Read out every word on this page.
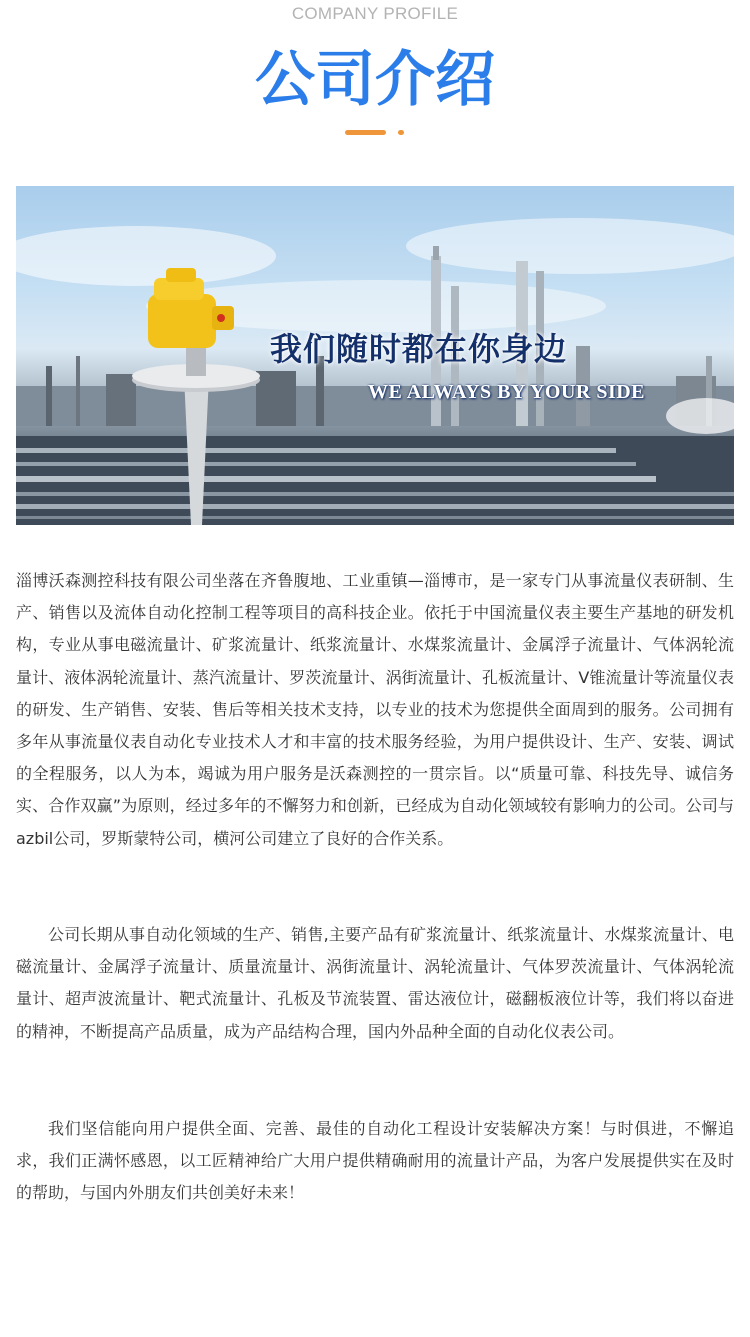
COMPANY PROFILE
公司介绍
我们随时都在你身边
WE ALWAYS BY YOUR SIDE

淄博沃森测控科技有限公司坐落在齐鲁腹地、工业重镇—淄博市，是一家专门从事流量仪表研制、生产、销售以及流体自动化控制工程等项目的高科技企业。依托于中国流量仪表主要生产基地的研发机构，专业从事电磁流量计、矿浆流量计、纸浆流量计、水煤浆流量计、金属浮子流量计、气体涡轮流量计、液体涡轮流量计、蒸汽流量计、罗茨流量计、涡街流量计、孔板流量计、V锥流量计等流量仪表的研发、生产销售、安装、售后等相关技术支持，以专业的技术为您提供全面周到的服务。公司拥有多年从事流量仪表自动化专业技术人才和丰富的技术服务经验，为用户提供设计、生产、安装、调试的全程服务，以人为本，竭诚为用户服务是沃森测控的一贯宗旨。以“质量可靠、科技先导、诚信务实、合作双赢”为原则，经过多年的不懈努力和创新，已经成为自动化领域较有影响力的公司。公司与azbil公司，罗斯蒙特公司，横河公司建立了良好的合作关系。

公司长期从事自动化领域的生产、销售,主要产品有矿浆流量计、纸浆流量计、水煤浆流量计、电磁流量计、金属浮子流量计、质量流量计、涡街流量计、涡轮流量计、气体罗茨流量计、气体涡轮流量计、超声波流量计、靶式流量计、孔板及节流装置、雷达液位计，磁翻板液位计等，我们将以奋进的精神，不断提高产品质量，成为产品结构合理，国内外品种全面的自动化仪表公司。

我们坚信能向用户提供全面、完善、最佳的自动化工程设计安装解决方案！与时俱进，不懈追求，我们正满怀感恩，以工匠精神给广大用户提供精确耐用的流量计产品，为客户发展提供实在及时的帮助，与国内外朋友们共创美好未来！
